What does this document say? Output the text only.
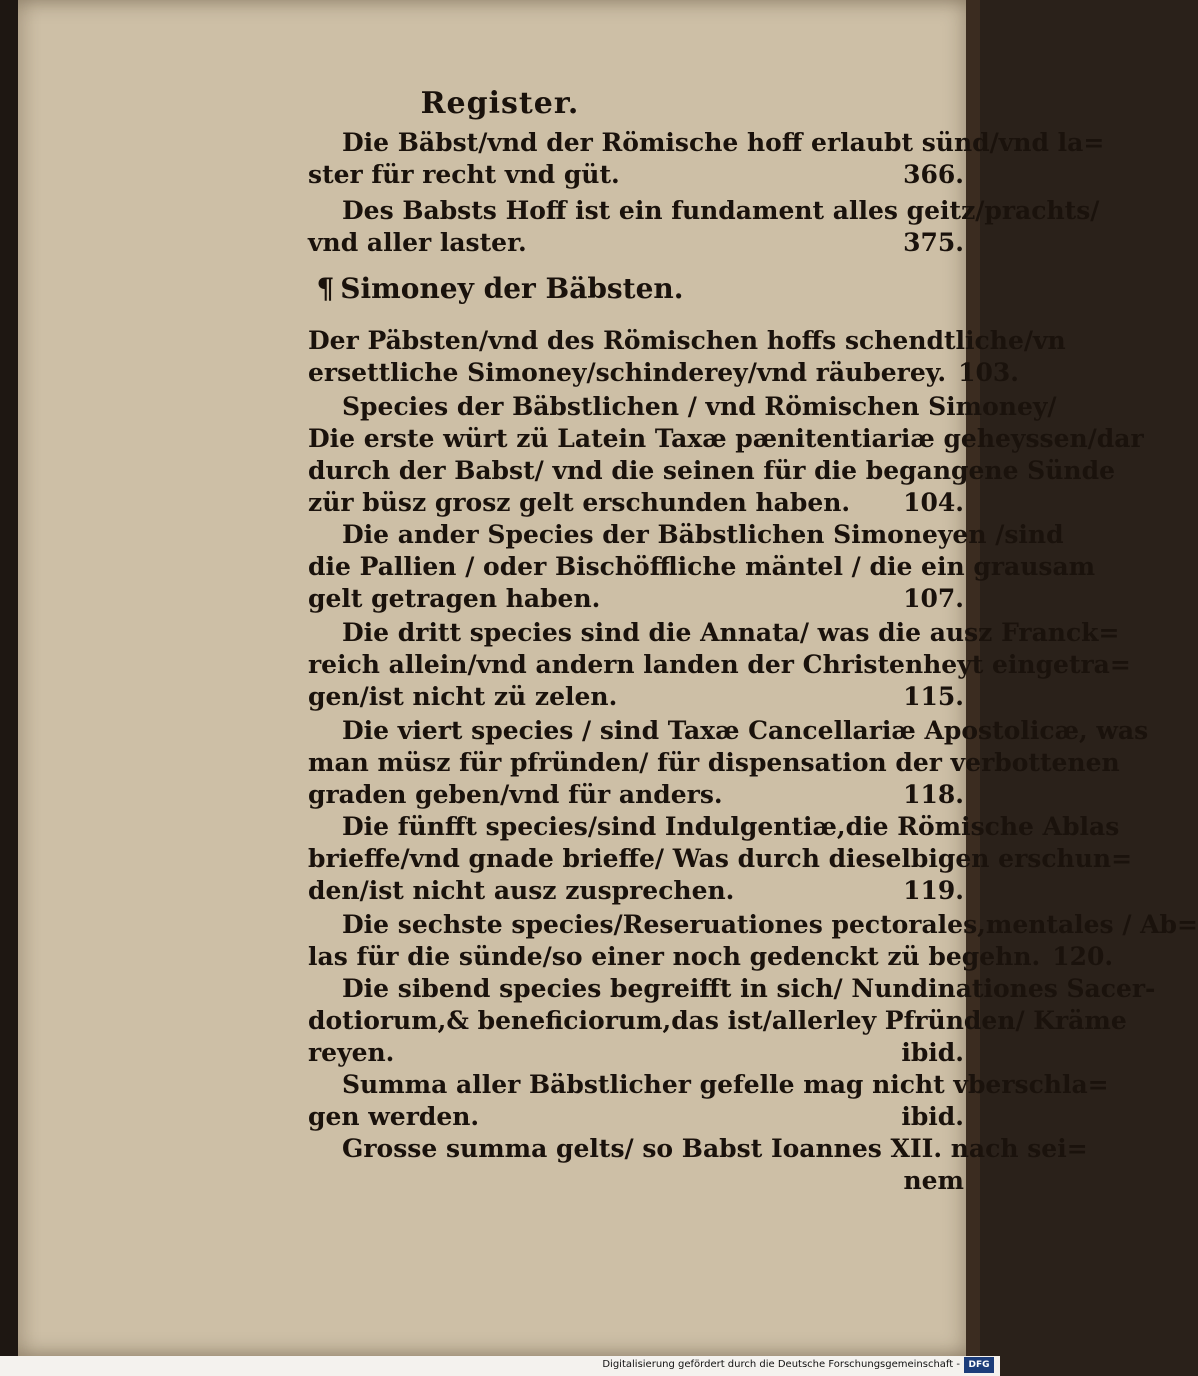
Register.
¶ Simoney der Bäbsten.
Die Bäbst/vnd der Römische hoff erlaubt sünd/vnd la=
ster für recht vnd güt.	366.
Des Babsts Hoff ist ein fundament alles geitz/prachts/
vnd aller laster.	375.
Der Päbsten/vnd des Römischen hoffs schendtliche/vn
ersettliche Simoney/schinderey/vnd räuberey. 103.
Species der Bäbstlichen / vnd Römischen Simoney/
Die erste würt zü Latein Taxæ pænitentiariæ geheyssen/dar
durch der Babst/ vnd die seinen für die begangene Sünde
zür büsz grosz gelt erschunden haben. 104.
Die ander Species der Bäbstlichen Simoneyen /sind
die Pallien / oder Bischöffliche mäntel / die ein grausam
gelt getragen haben.	107.
Die dritt species sind die Annata/ was die ausz Franck=
reich allein/vnd andern landen der Christenheyt eingetra=
gen/ist nicht zü zelen.	115.
Die viert species / sind Taxæ Cancellariæ Apostolicæ, was
man müsz für pfründen/ für dispensation der verbottenen
graden geben/vnd für anders.	118.
Die fünfft species/sind Indulgentiæ,die Römische Ablas
brieffe/vnd gnade brieffe/ Was durch dieselbigen erschun=
den/ist nicht ausz zusprechen.	119.
Die sechste species/Reseruationes pectorales,mentales / Ab=
las für die sünde/so einer noch gedenckt zü begehn. 120.
Die sibend species begreifft in sich/ Nundinationes Sacer-
dotiorum,& beneficiorum,das ist/allerley Pfründen/ Kräme
reyen.	ibid.
Summa aller Bäbstlicher gefelle mag nicht vberschla=
gen werden.	ibid.
Grosse summa gelts/ so Babst Ioannes XII. nach sei=
nem
Digitalisierung gefördert durch die Deutsche Forschungsgemeinschaft - DFG
